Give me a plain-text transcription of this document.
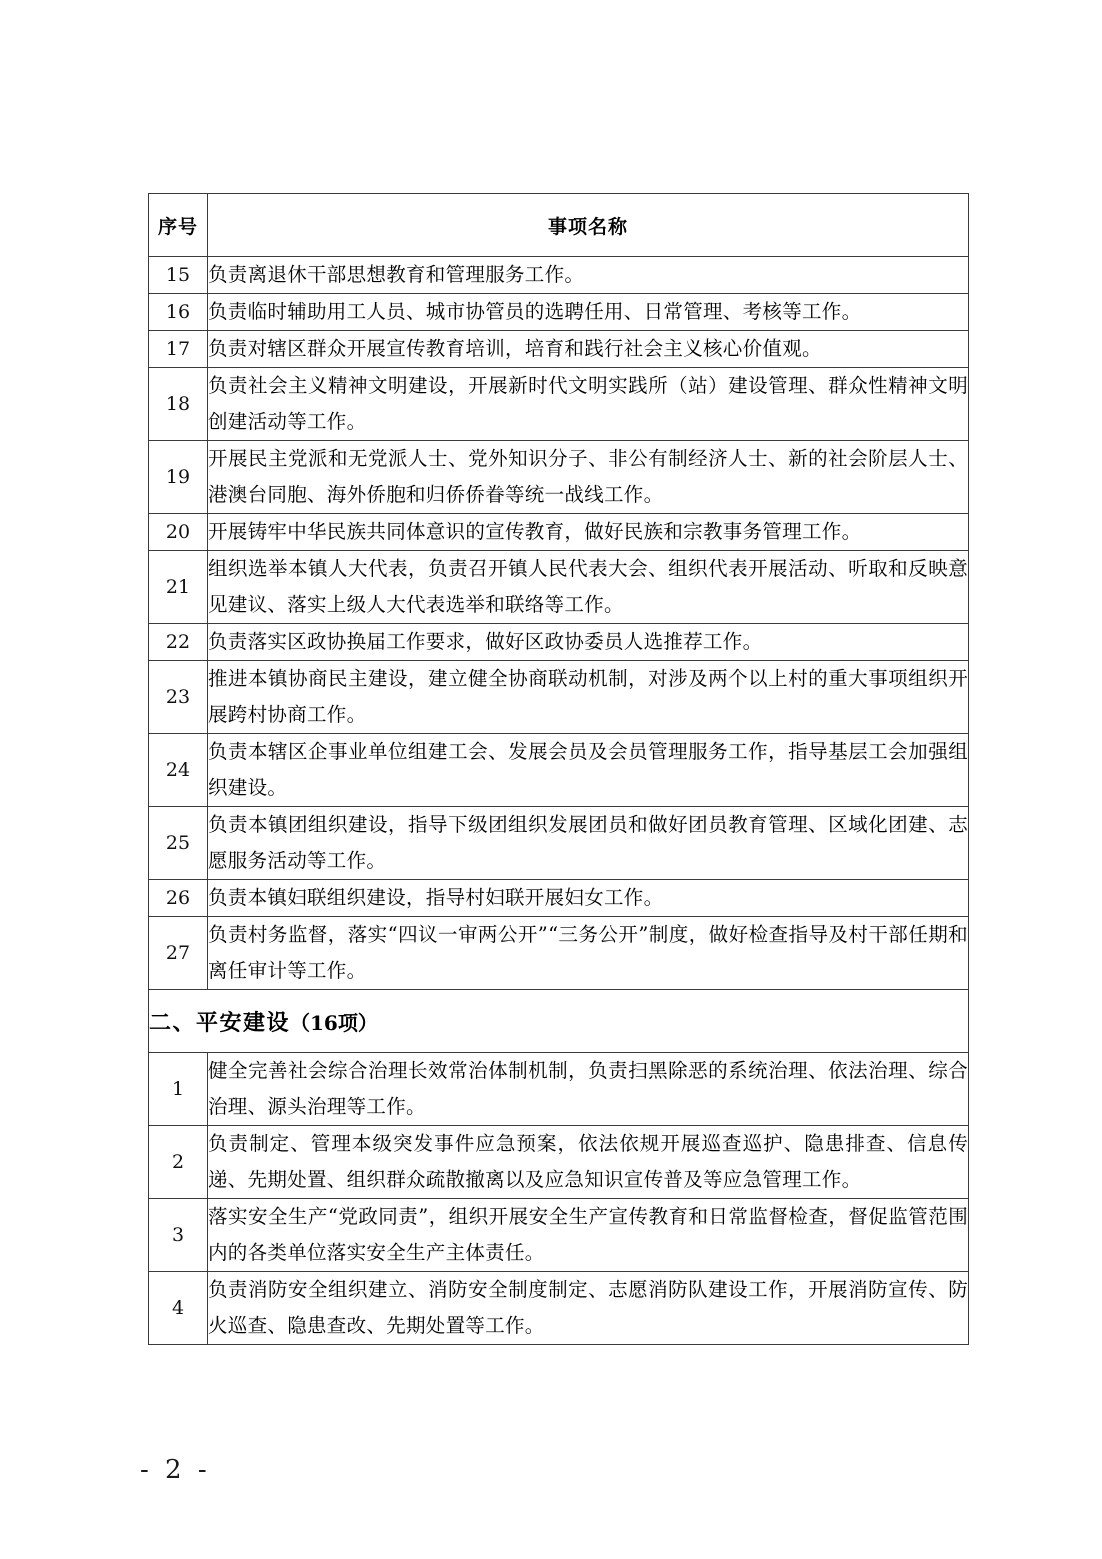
序号	事项名称
15	负责离退休干部思想教育和管理服务工作。
16	负责临时辅助用工人员、城市协管员的选聘任用、日常管理、考核等工作。
17	负责对辖区群众开展宣传教育培训，培育和践行社会主义核心价值观。
18	负责社会主义精神文明建设，开展新时代文明实践所（站）建设管理、群众性精神文明创建活动等工作。
19	开展民主党派和无党派人士、党外知识分子、非公有制经济人士、新的社会阶层人士、港澳台同胞、海外侨胞和归侨侨眷等统一战线工作。
20	开展铸牢中华民族共同体意识的宣传教育，做好民族和宗教事务管理工作。
21	组织选举本镇人大代表，负责召开镇人民代表大会、组织代表开展活动、听取和反映意见建议、落实上级人大代表选举和联络等工作。
22	负责落实区政协换届工作要求，做好区政协委员人选推荐工作。
23	推进本镇协商民主建设，建立健全协商联动机制，对涉及两个以上村的重大事项组织开展跨村协商工作。
24	负责本辖区企事业单位组建工会、发展会员及会员管理服务工作，指导基层工会加强组织建设。
25	负责本镇团组织建设，指导下级团组织发展团员和做好团员教育管理、区域化团建、志愿服务活动等工作。
26	负责本镇妇联组织建设，指导村妇联开展妇女工作。
27	负责村务监督，落实“四议一审两公开”“三务公开”制度，做好检查指导及村干部任期和离任审计等工作。
二、平安建设（16项）	
1	健全完善社会综合治理长效常治体制机制，负责扫黑除恶的系统治理、依法治理、综合治理、源头治理等工作。
2	负责制定、管理本级突发事件应急预案，依法依规开展巡查巡护、隐患排查、信息传递、先期处置、组织群众疏散撤离以及应急知识宣传普及等应急管理工作。
3	落实安全生产“党政同责”，组织开展安全生产宣传教育和日常监督检查，督促监管范围内的各类单位落实安全生产主体责任。
4	负责消防安全组织建立、消防安全制度制定、志愿消防队建设工作，开展消防宣传、防火巡查、隐患查改、先期处置等工作。
- 2 -
